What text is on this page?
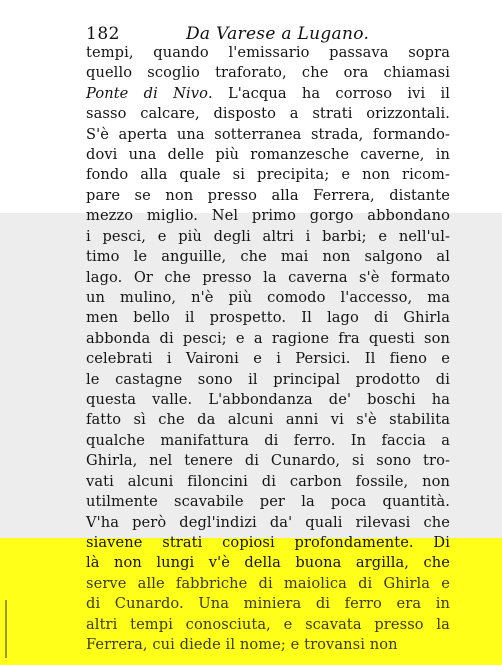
182	Da Varese a Lugano.
tempi, quando l'emissario passava sopra
quello scoglio traforato, che ora chiamasi
Ponte di Nivo. L'acqua ha corroso ivi il
sasso calcare, disposto a strati orizzontali.
S'è aperta una sotterranea strada, formando-
dovi una delle più romanzesche caverne, in
fondo alla quale si precipita; e non ricom-
pare se non presso alla Ferrera, distante
mezzo miglio. Nel primo gorgo abbondano
i pesci, e più degli altri i barbi; e nell'ul-
timo le anguille, che mai non salgono al
lago. Or che presso la caverna s'è formato
un mulino, n'è più comodo l'accesso, ma
men bello il prospetto. Il lago di Ghirla
abbonda di pesci; e a ragione fra questi son
celebrati i Vaironi e i Persici. Il fieno e
le castagne sono il principal prodotto di
questa valle. L'abbondanza de' boschi ha
fatto sì che da alcuni anni vi s'è stabilita
qualche manifattura di ferro. In faccia a
Ghirla, nel tenere di Cunardo, si sono tro-
vati alcuni filoncini di carbon fossile, non
utilmente scavabile per la poca quantità.
V'ha però degl'indizi da' quali rilevasi che
siavene strati copiosi profondamente. Di
là non lungi v'è della buona argilla, che
serve alle fabbriche di maiolica di Ghirla e
di Cunardo. Una miniera di ferro era in
altri tempi conosciuta, e scavata presso la
Ferrera, cui diede il nome; e trovansi non
